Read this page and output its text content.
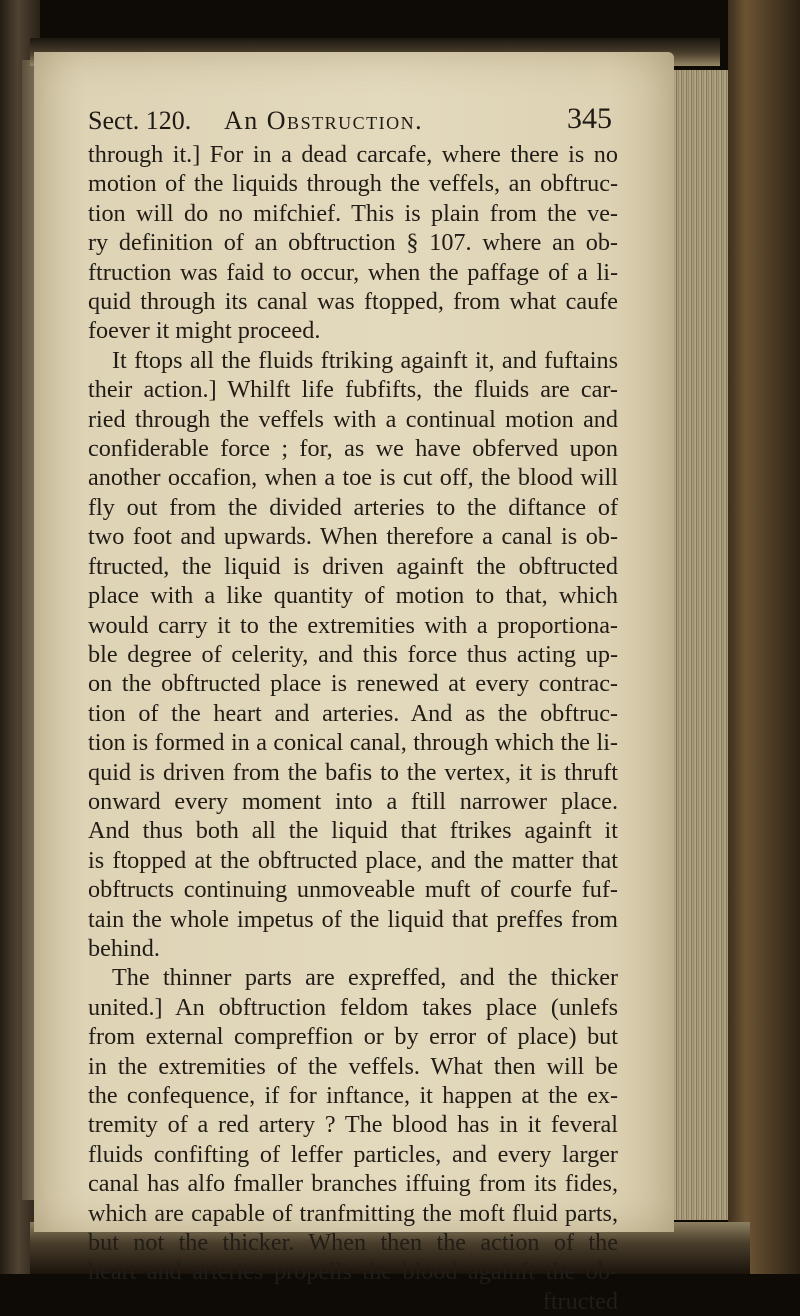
Sect. 120. An Obstruction.	345
through it.] For in a dead carcafe, where there is no
motion of the liquids through the veffels, an obftruc-
tion will do no mifchief. This is plain from the ve-
ry definition of an obftruction § 107. where an ob-
ftruction was faid to occur, when the paffage of a li-
quid through its canal was ftopped, from what caufe
foever it might proceed.
It ftops all the fluids ftriking againft it, and fuftains
their action.] Whilft life fubfifts, the fluids are car-
ried through the veffels with a continual motion and
confiderable force ; for, as we have obferved upon
another occafion, when a toe is cut off, the blood will
fly out from the divided arteries to the diftance of
two foot and upwards. When therefore a canal is ob-
ftructed, the liquid is driven againft the obftructed
place with a like quantity of motion to that, which
would carry it to the extremities with a proportiona-
ble degree of celerity, and this force thus acting up-
on the obftructed place is renewed at every contrac-
tion of the heart and arteries. And as the obftruc-
tion is formed in a conical canal, through which the li-
quid is driven from the bafis to the vertex, it is thruft
onward every moment into a ftill narrower place.
And thus both all the liquid that ftrikes againft it
is ftopped at the obftructed place, and the matter that
obftructs continuing unmoveable muft of courfe fuf-
tain the whole impetus of the liquid that preffes from
behind.
The thinner parts are expreffed, and the thicker
united.] An obftruction feldom takes place (unlefs
from external compreffion or by error of place) but
in the extremities of the veffels. What then will be
the confequence, if for inftance, it happen at the ex-
tremity of a red artery ? The blood has in it feveral
fluids confifting of leffer particles, and every larger
canal has alfo fmaller branches iffuing from its fides,
which are capable of tranfmitting the moft fluid parts,
but not the thicker. When then the action of the
heart and arteries propells the blood againft the ob-
ftructed
